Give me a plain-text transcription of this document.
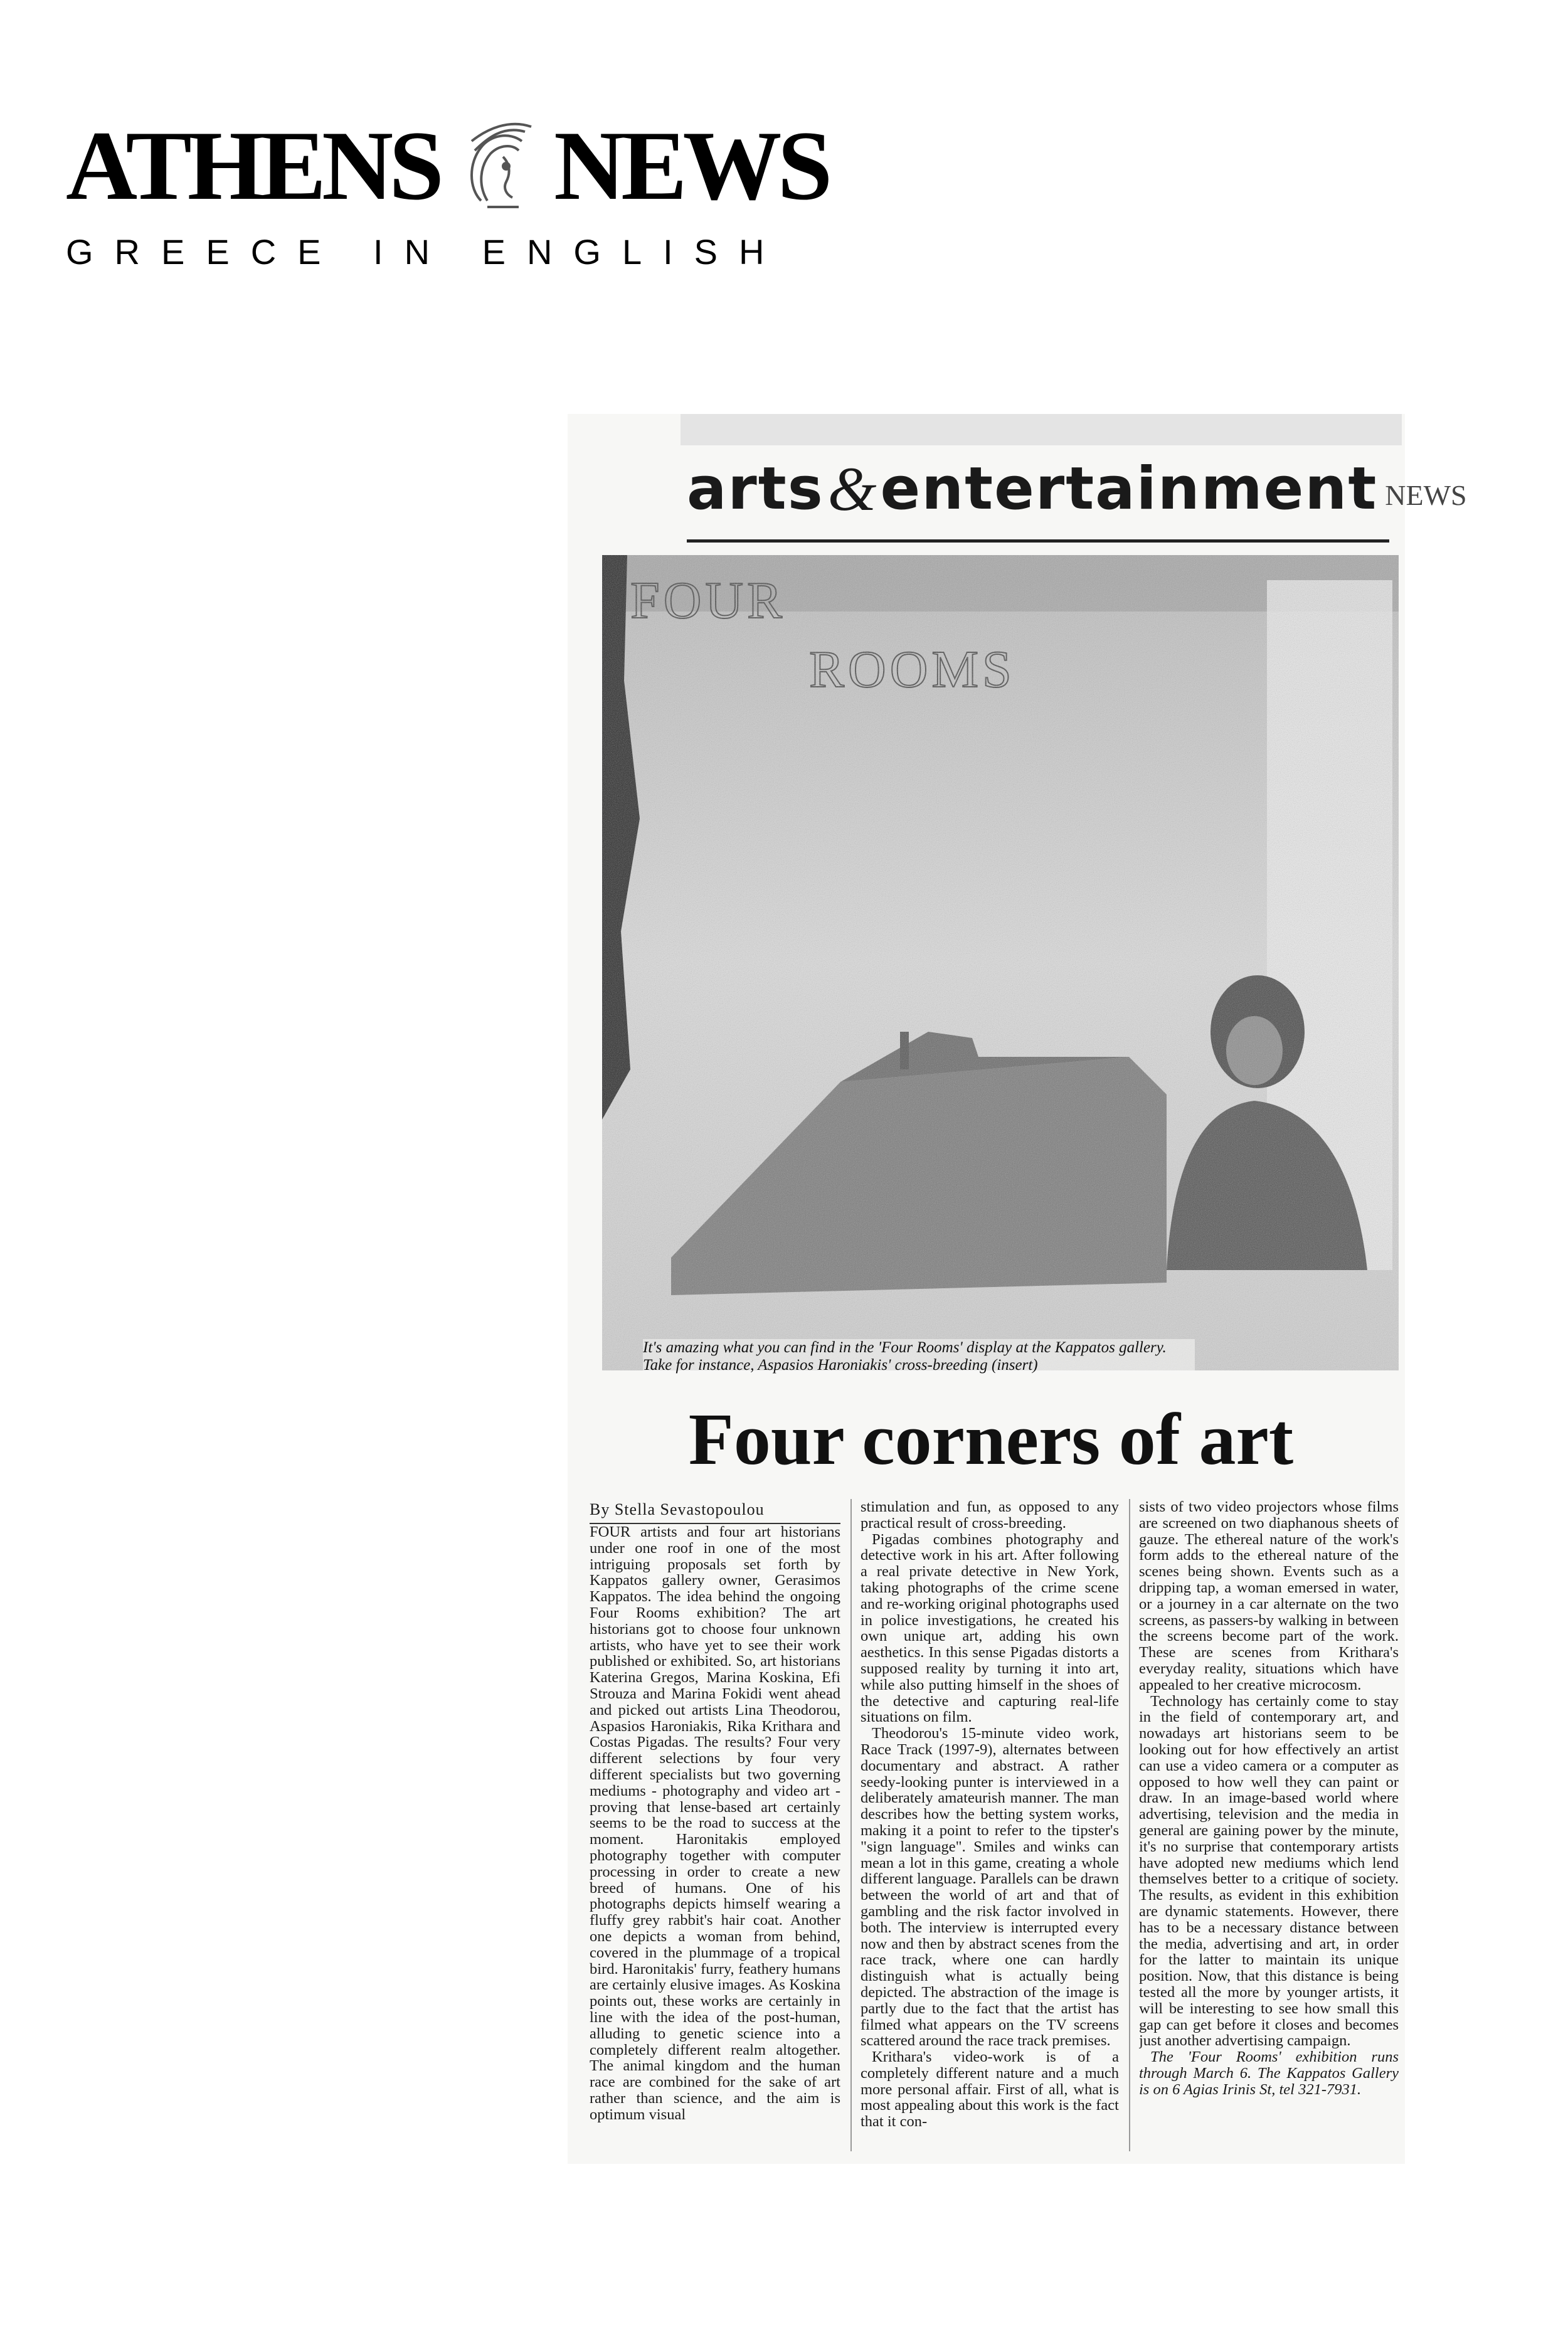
ATHENS NEWS
GREECE IN ENGLISH
arts&entertainment NEWS
It's amazing what you can find in the 'Four Rooms' display at the Kappatos gallery. Take for instance, Aspasios Haroniakis' cross-breeding (insert)
Four corners of art

By Stella Sevastopoulou

FOUR artists and four art historians under one roof in one of the most intriguing proposals set forth by Kappatos gallery owner, Gerasimos Kappatos. The idea behind the ongoing Four Rooms exhibition? The art historians got to choose four unknown artists, who have yet to see their work published or exhibited. So, art historians Katerina Gregos, Marina Koskina, Efi Strouza and Marina Fokidi went ahead and picked out artists Lina Theodorou, Aspasios Haroniakis, Rika Krithara and Costas Pigadas. The results? Four very different selections by four very different specialists but two governing mediums - photography and video art - proving that lense-based art certainly seems to be the road to success at the moment. Haronitakis employed photography together with computer processing in order to create a new breed of humans. One of his photographs depicts himself wearing a fluffy grey rabbit's hair coat. Another one depicts a woman from behind, covered in the plummage of a tropical bird. Haronitakis' furry, feathery humans are certainly elusive images. As Koskina points out, these works are certainly in line with the idea of the post-human, alluding to genetic science into a completely different realm altogether. The animal kingdom and the human race are combined for the sake of art rather than science, and the aim is optimum visual

stimulation and fun, as opposed to any practical result of cross-breeding.

Pigadas combines photography and detective work in his art. After following a real private detective in New York, taking photographs of the crime scene and re-working original photographs used in police investigations, he created his own unique art, adding his own aesthetics. In this sense Pigadas distorts a supposed reality by turning it into art, while also putting himself in the shoes of the detective and capturing real-life situations on film.

Theodorou's 15-minute video work, Race Track (1997-9), alternates between documentary and abstract. A rather seedy-looking punter is interviewed in a deliberately amateurish manner. The man describes how the betting system works, making it a point to refer to the tipster's "sign language". Smiles and winks can mean a lot in this game, creating a whole different language. Parallels can be drawn between the world of art and that of gambling and the risk factor involved in both. The interview is interrupted every now and then by abstract scenes from the race track, where one can hardly distinguish what is actually being depicted. The abstraction of the image is partly due to the fact that the artist has filmed what appears on the TV screens scattered around the race track premises.

Krithara's video-work is of a completely different nature and a much more personal affair. First of all, what is most appealing about this work is the fact that it con-

sists of two video projectors whose films are screened on two diaphanous sheets of gauze. The ethereal nature of the work's form adds to the ethereal nature of the scenes being shown. Events such as a dripping tap, a woman emersed in water, or a journey in a car alternate on the two screens, as passers-by walking in between the screens become part of the work. These are scenes from Krithara's everyday reality, situations which have appealed to her creative microcosm.

Technology has certainly come to stay in the field of contemporary art, and nowadays art historians seem to be looking out for how effectively an artist can use a video camera or a computer as opposed to how well they can paint or draw. In an image-based world where advertising, television and the media in general are gaining power by the minute, it's no surprise that contemporary artists have adopted new mediums which lend themselves better to a critique of society. The results, as evident in this exhibition are dynamic statements. However, there has to be a necessary distance between the media, advertising and art, in order for the latter to maintain its unique position. Now, that this distance is being tested all the more by younger artists, it will be interesting to see how small this gap can get before it closes and becomes just another advertising campaign.

The 'Four Rooms' exhibition runs through March 6. The Kappatos Gallery is on 6 Agias Irinis St, tel 321-7931.
